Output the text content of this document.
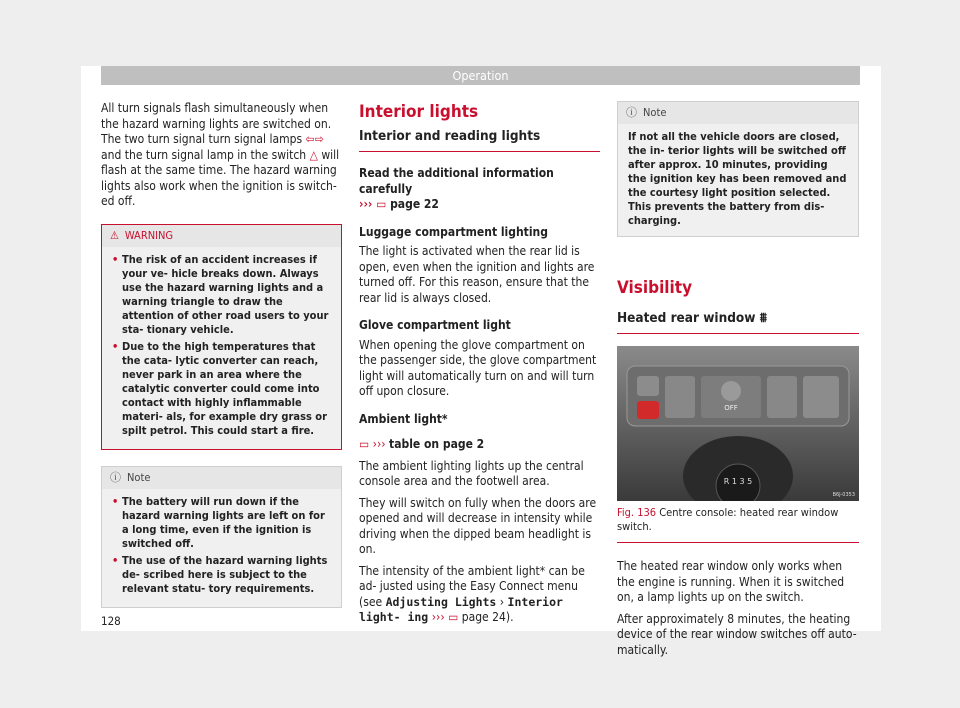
Operation

All turn signals flash simultaneously when the hazard warning lights are switched on. The two turn signal turn signal lamps ⇦⇨ and the turn signal lamp in the switch △ will flash at the same time. The hazard warning lights also work when the ignition is switch- ed off.

⚠ WARNING
• The risk of an accident increases if your ve- hicle breaks down. Always use the hazard warning lights and a warning triangle to draw the attention of other road users to your sta- tionary vehicle.
• Due to the high temperatures that the cata- lytic converter can reach, never park in an area where the catalytic converter could come into contact with highly inflammable materi- als, for example dry grass or spilt petrol. This could start a fire.
ⓘ Note
• The battery will run down if the hazard warning lights are left on for a long time, even if the ignition is switched off.
• The use of the hazard warning lights de- scribed here is subject to the relevant statu- tory requirements.
Interior lights
Interior and reading lights

Read the additional information carefully
››› ▭ page 22

Luggage compartment lighting

The light is activated when the rear lid is open, even when the ignition and lights are turned off. For this reason, ensure that the rear lid is always closed.

Glove compartment light

When opening the glove compartment on the passenger side, the glove compartment light will automatically turn on and will turn off upon closure.

Ambient light*

▭ ››› table on page 2

The ambient lighting lights up the central console area and the footwell area.

They will switch on fully when the doors are opened and will decrease in intensity while driving when the dipped beam headlight is on.

The intensity of the ambient light* can be ad- justed using the Easy Connect menu (see Adjusting Lights › Interior light- ing ››› ▭ page 24).

ⓘ Note
If not all the vehicle doors are closed, the in- terior lights will be switched off after approx. 10 minutes, providing the ignition key has been removed and the courtesy light position selected. This prevents the battery from dis- charging.
Visibility
Heated rear window ⩩
OFF
R 1 3 5
B6J-0353
Fig. 136 Centre console: heated rear window switch.

The heated rear window only works when the engine is running. When it is switched on, a lamp lights up on the switch.

After approximately 8 minutes, the heating device of the rear window switches off auto- matically.

128
